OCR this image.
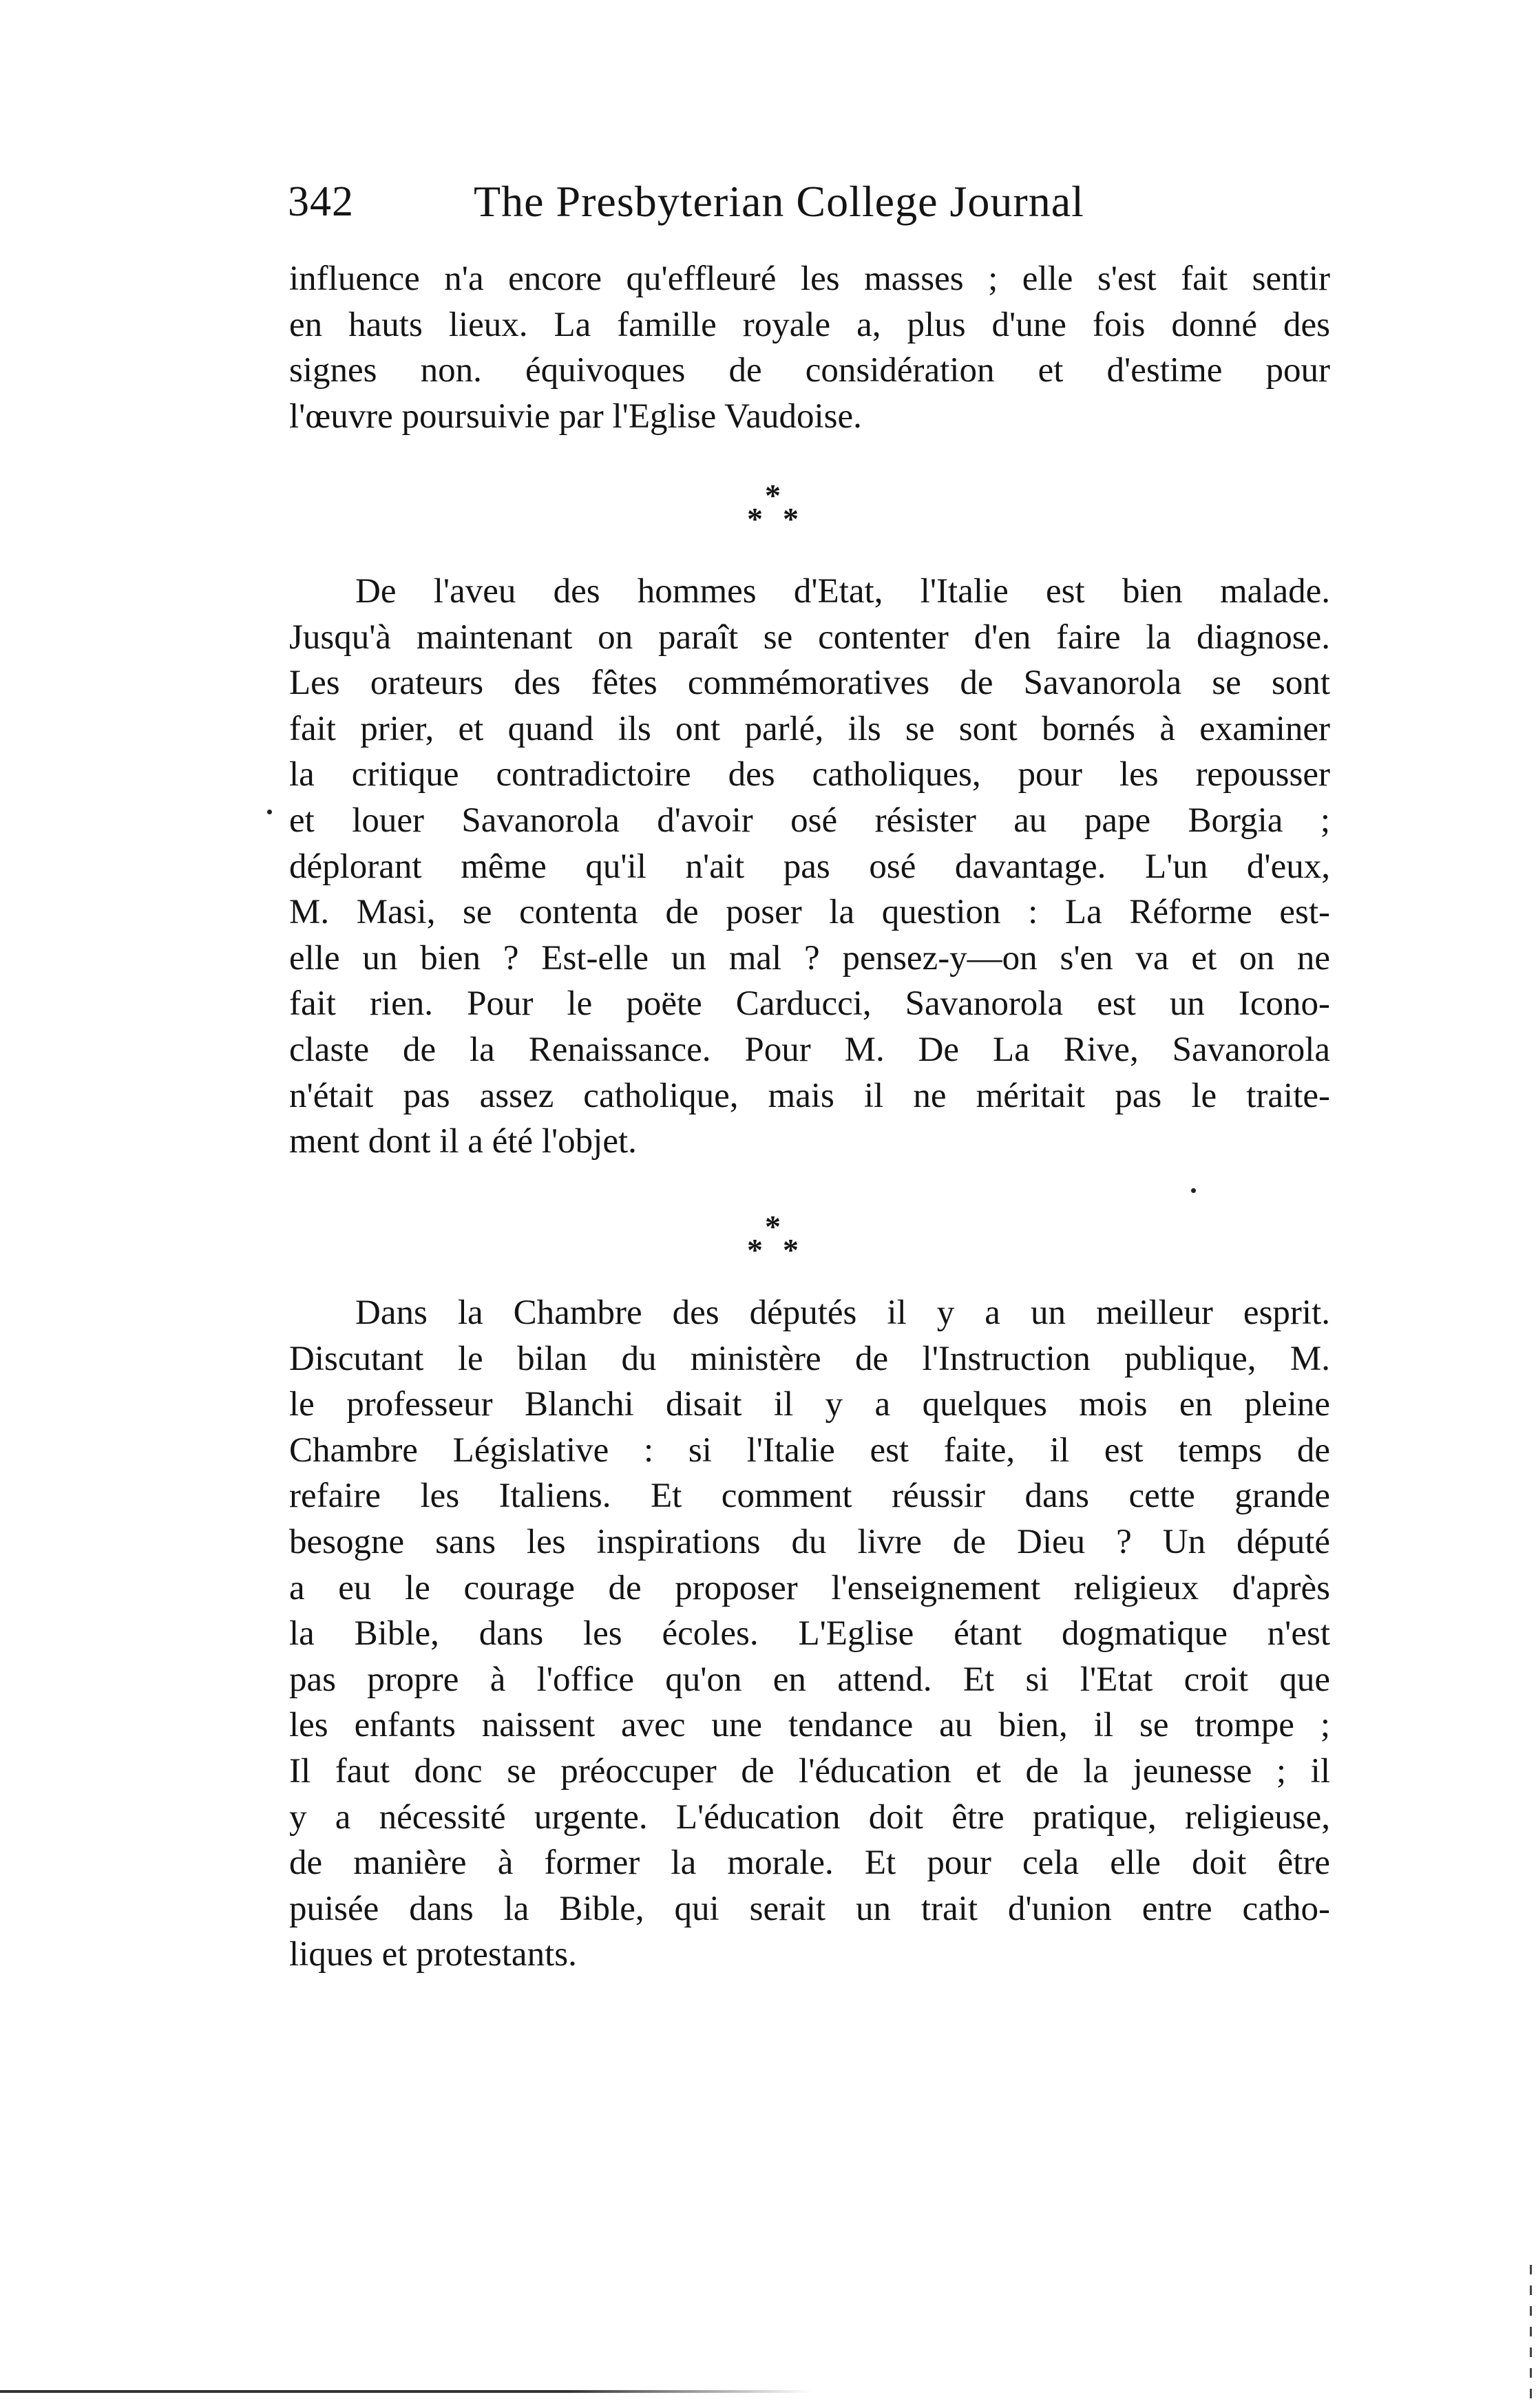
342	The Presbyterian College Journal
influence n'a encore qu'effleuré les masses ; elle s'est fait sentir
en hauts lieux. La famille royale a, plus d'une fois donné des
signes non. équivoques de considération et d'estime pour
l'œuvre poursuivie par l'Eglise Vaudoise.
*
* *
De l'aveu des hommes d'Etat, l'Italie est bien malade.
Jusqu'à maintenant on paraît se contenter d'en faire la diagnose.
Les orateurs des fêtes commémoratives de Savanorola se sont
fait prier, et quand ils ont parlé, ils se sont bornés à examiner
la critique contradictoire des catholiques, pour les repousser
et louer Savanorola d'avoir osé résister au pape Borgia ;
déplorant même qu'il n'ait pas osé davantage. L'un d'eux,
M. Masi, se contenta de poser la question : La Réforme est-
elle un bien ? Est-elle un mal ? pensez-y—on s'en va et on ne
fait rien. Pour le poëte Carducci, Savanorola est un Icono-
claste de la Renaissance. Pour M. De La Rive, Savanorola
n'était pas assez catholique, mais il ne méritait pas le traite-
ment dont il a été l'objet.
*
* *
Dans la Chambre des députés il y a un meilleur esprit.
Discutant le bilan du ministère de l'Instruction publique, M.
le professeur Blanchi disait il y a quelques mois en pleine
Chambre Législative : si l'Italie est faite, il est temps de
refaire les Italiens. Et comment réussir dans cette grande
besogne sans les inspirations du livre de Dieu ? Un député
a eu le courage de proposer l'enseignement religieux d'après
la Bible, dans les écoles. L'Eglise étant dogmatique n'est
pas propre à l'office qu'on en attend. Et si l'Etat croit que
les enfants naissent avec une tendance au bien, il se trompe ;
Il faut donc se préoccuper de l'éducation et de la jeunesse ; il
y a nécessité urgente. L'éducation doit être pratique, religieuse,
de manière à former la morale. Et pour cela elle doit être
puisée dans la Bible, qui serait un trait d'union entre catho-
liques et protestants.
